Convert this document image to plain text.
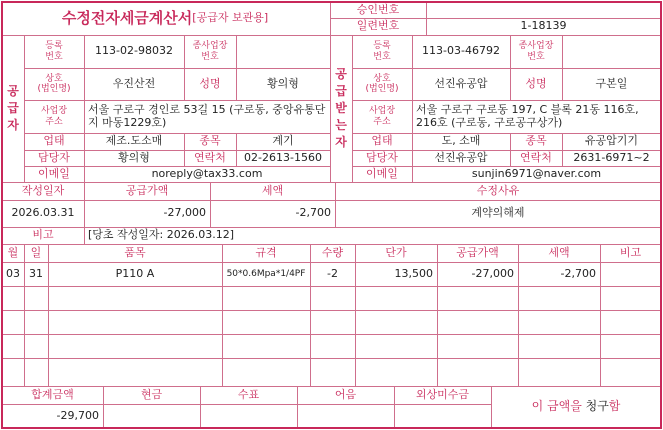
수정전자세금계산서 [공급자 보관용]
승인번호
일련번호	1-18139
공
급
자
등록
번호	113-02-98032	종사업장
번호
상호
(법인명)	우진산전	성명	황의형
사업장
주소
서울 구로구 경인로 53길 15 (구로동, 중앙유통단지 마동1229호)
업태	제조.도소매	종목	계기
담당자	황의형	연락처	02-2613-1560
이메일	noreply@tax33.com
공
급
받
는
자
등록
번호	113-03-46792	종사업장
번호
상호
(법인명)	선진유공압	성명	구본일
사업장
주소
서울 구로구 구로동 197, C 블록 21동 116호, 216호 (구로동, 구로공구상가)
업태	도, 소매	종목	유공압기기
담당자	선진유공압	연락처	2631-6971~2
이메일	sunjin6971@naver.com
작성일자	공급가액	세액	수정사유
2026.03.31	-27,000	-2,700	계약의해제
비고	[당초 작성일자: 2026.03.12]
월	일	품목	규격	수량	단가	공급가액	세액	비고
03 31	P110 A	50*0.6Mpa*1/4PF	-2	13,500	-27,000	-2,700
합계금액	현금	수표	어음	외상미수금
-29,700
이 금액을 청구 함
